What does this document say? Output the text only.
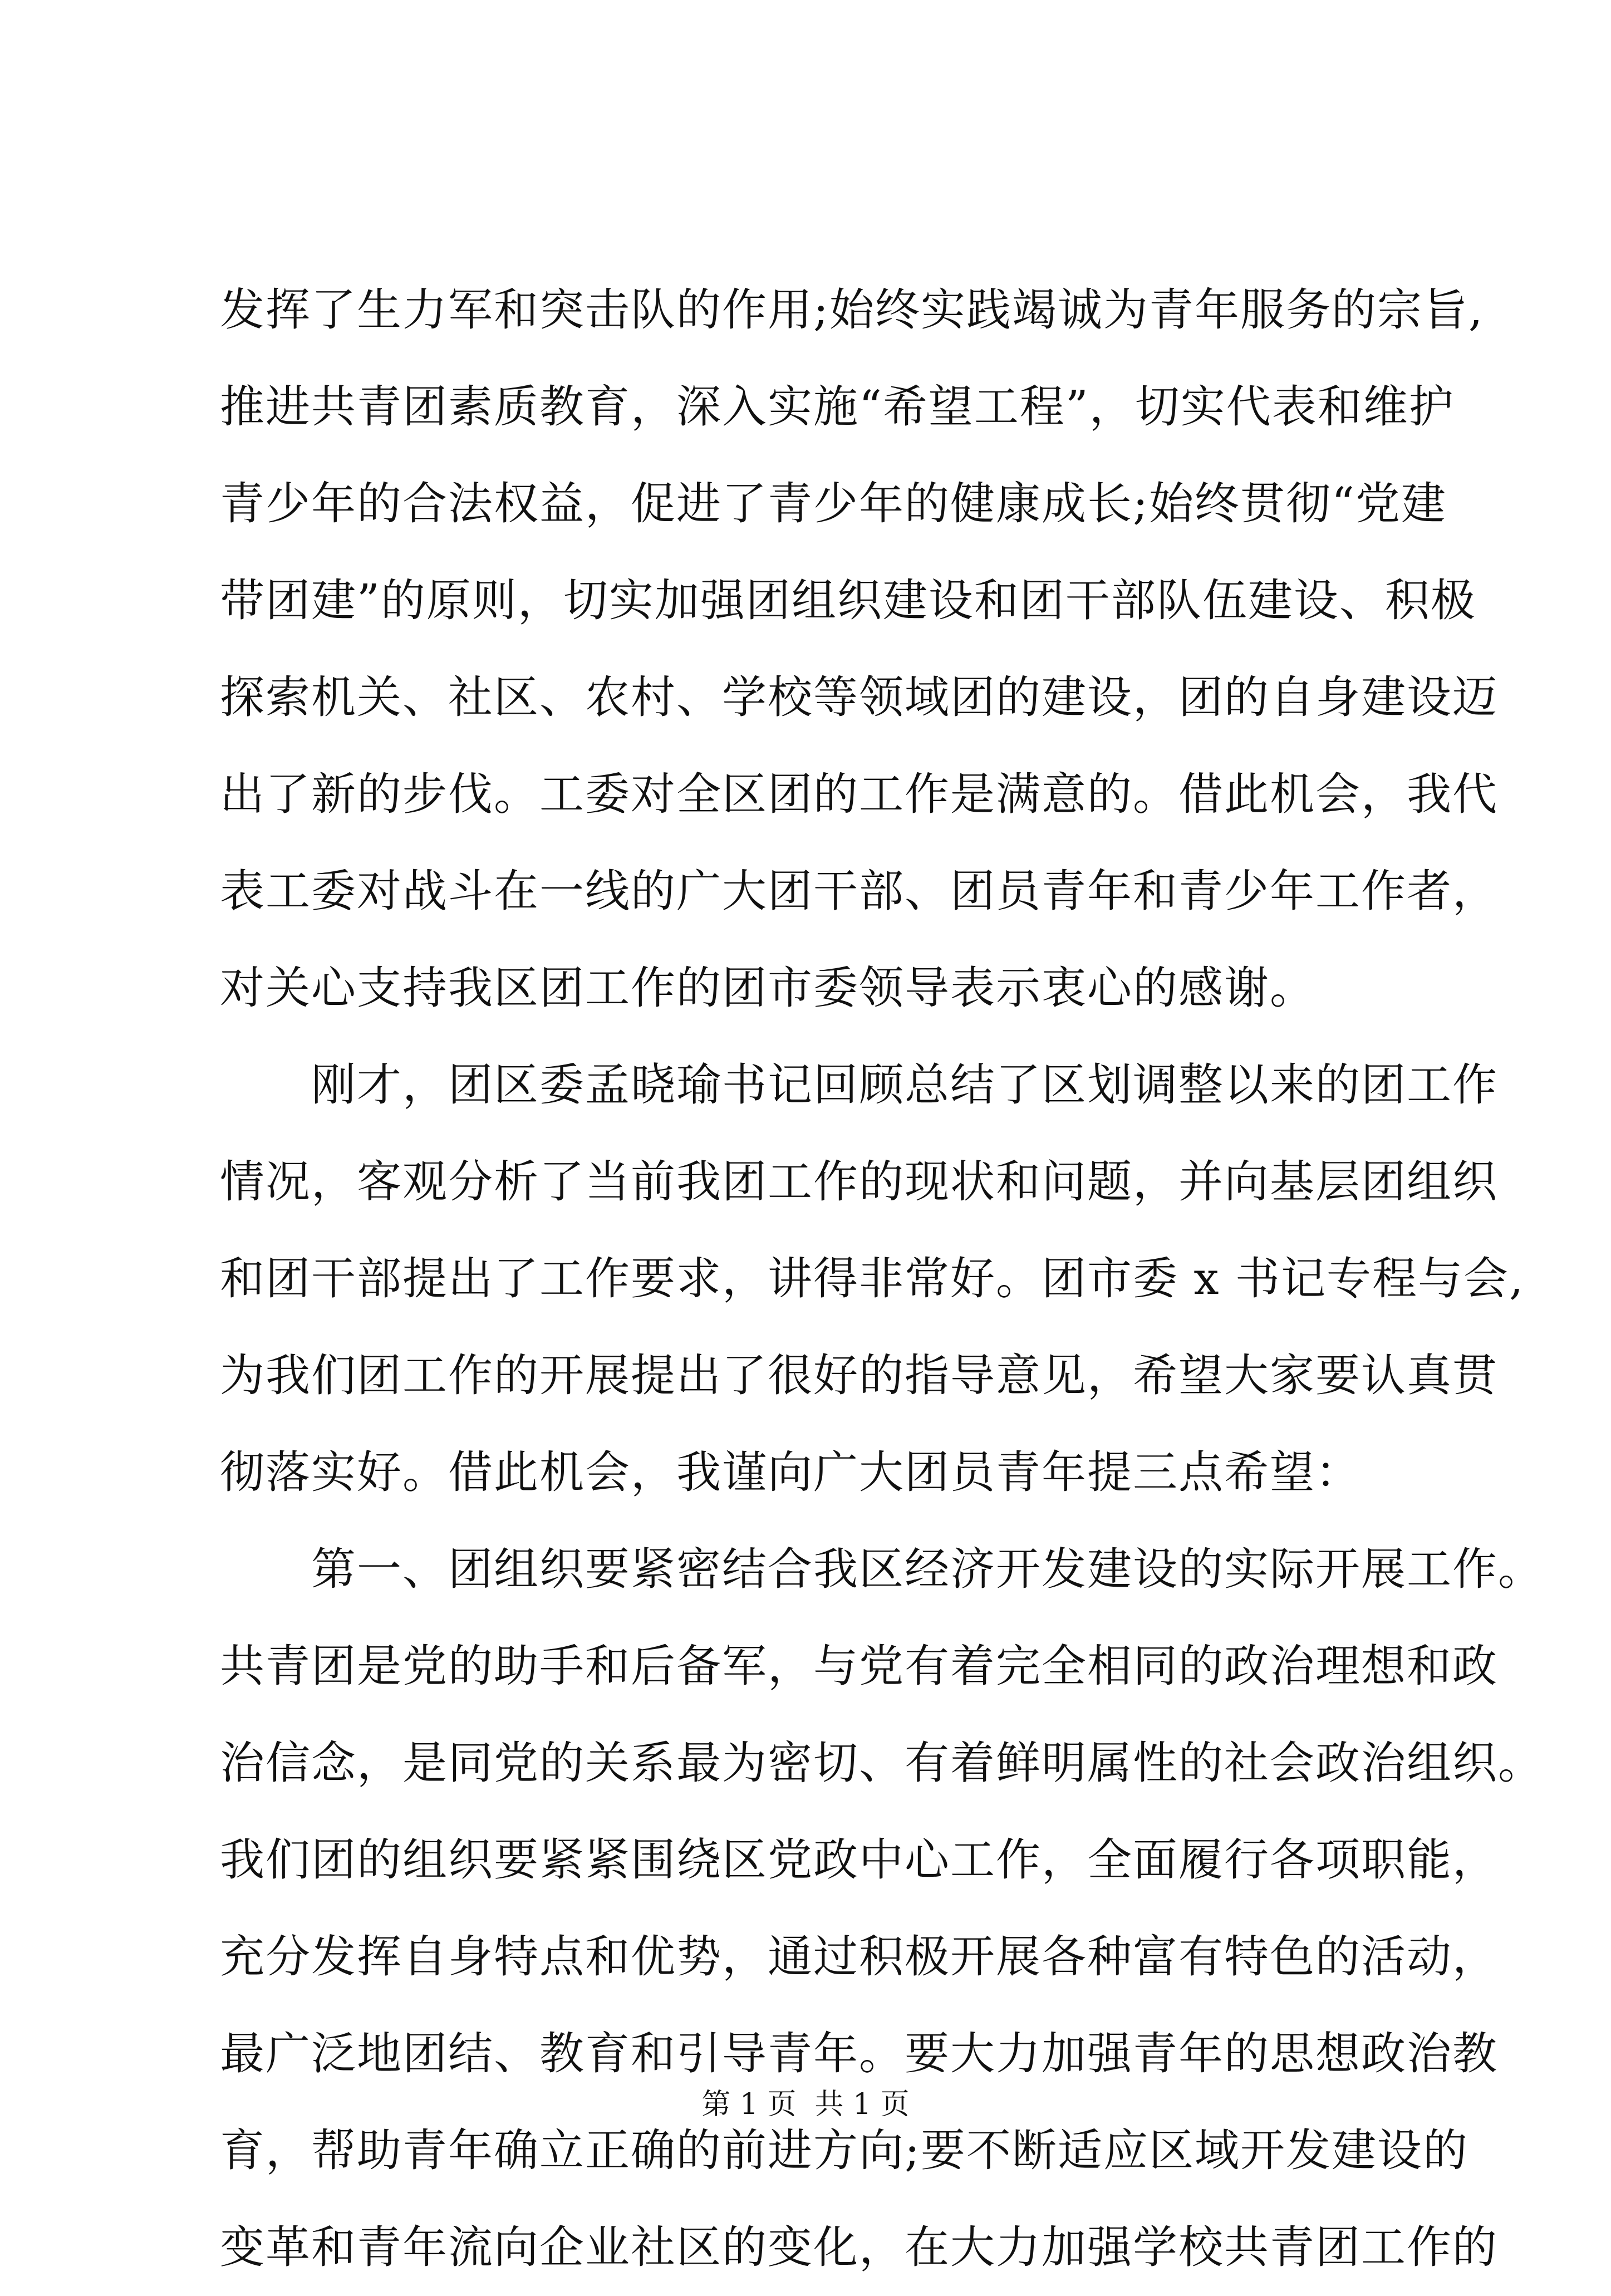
发挥了生力军和突击队的作用;始终实践竭诚为青年服务的宗旨,
推进共青团素质教育，深入实施“希望工程”，切实代表和维护
青少年的合法权益，促进了青少年的健康成长;始终贯彻“党建
带团建”的原则，切实加强团组织建设和团干部队伍建设、积极
探索机关、社区、农村、学校等领域团的建设，团的自身建设迈
出了新的步伐。工委对全区团的工作是满意的。借此机会，我代
表工委对战斗在一线的广大团干部、团员青年和青少年工作者，
对关心支持我区团工作的团市委领导表示衷心的感谢。
　　刚才，团区委孟晓瑜书记回顾总结了区划调整以来的团工作
情况，客观分析了当前我团工作的现状和问题，并向基层团组织
和团干部提出了工作要求，讲得非常好。团市委 x 书记专程与会,
为我们团工作的开展提出了很好的指导意见，希望大家要认真贯
彻落实好。借此机会，我谨向广大团员青年提三点希望：
　　第一、团组织要紧密结合我区经济开发建设的实际开展工作。
共青团是党的助手和后备军，与党有着完全相同的政治理想和政
治信念，是同党的关系最为密切、有着鲜明属性的社会政治组织。
我们团的组织要紧紧围绕区党政中心工作，全面履行各项职能，
充分发挥自身特点和优势，通过积极开展各种富有特色的活动，
最广泛地团结、教育和引导青年。要大力加强青年的思想政治教
育，帮助青年确立正确的前进方向;要不断适应区域开发建设的
变革和青年流向企业社区的变化，在大力加强学校共青团工作的
第 1 页  共 1 页
